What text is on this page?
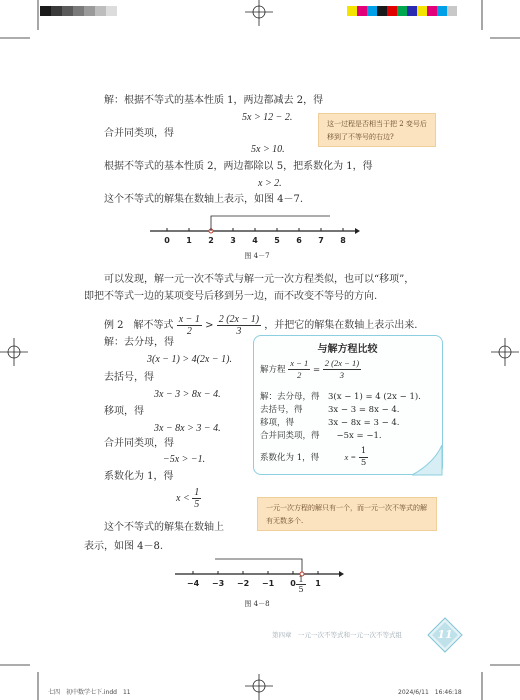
解：根据不等式的基本性质 1，两边都减去 2，得
5x > 12 − 2.
合并同类项，得
5x > 10.
根据不等式的基本性质 2，两边都除以 5，把系数化为 1，得
x > 2.
这个不等式的解集在数轴上表示，如图 4－7.
这一过程是否相当于把 2 变号后移到了不等号的右边?
0 1 2 3 4 5 6 7 8
图 4－7
可以发现，解一元一次不等式与解一元一次方程类似，也可以“移项”，
即把不等式一边的某项变号后移到另一边，而不改变不等号的方向.
例 2　解不等式 $\frac{x - 1}{2} > \frac{2 (2x - 1)}{3}$ ，并把它的解集在数轴上表示出来.
解：去分母，得
3(x − 1) > 4(2x − 1).
去括号，得
3x − 3 > 8x − 4.
移项，得
3x − 8x > 3 − 4.
合并同类项，得
−5x > −1.
系数化为 1，得
$x < \frac{1}{5}$
这个不等式的解集在数轴上
表示，如图 4－8.
与解方程比较
解方程 $\frac{x - 1}{2} = \frac{2 (2x - 1)}{3}$
解：去分母，得　3(x − 1) = 4 (2x − 1).
去括号，得　　　3x − 3 = 8x − 4.
移项，得　　　　3x − 8x = 3 − 4.
合并同类项，得　　−5x = −1.
系数化为 1，得	$x = \frac{1}{5}$
一元一次方程的解只有一个，而一元一次不等式的解有无数多个.
−4 −3 −2 −1 0 1
$\frac{1}{5}$
图 4－8
第四章　一元一次不等式和一元一次不等式组	11
七四　初中数学七下.indd　11	2024/6/11　16:46:18
